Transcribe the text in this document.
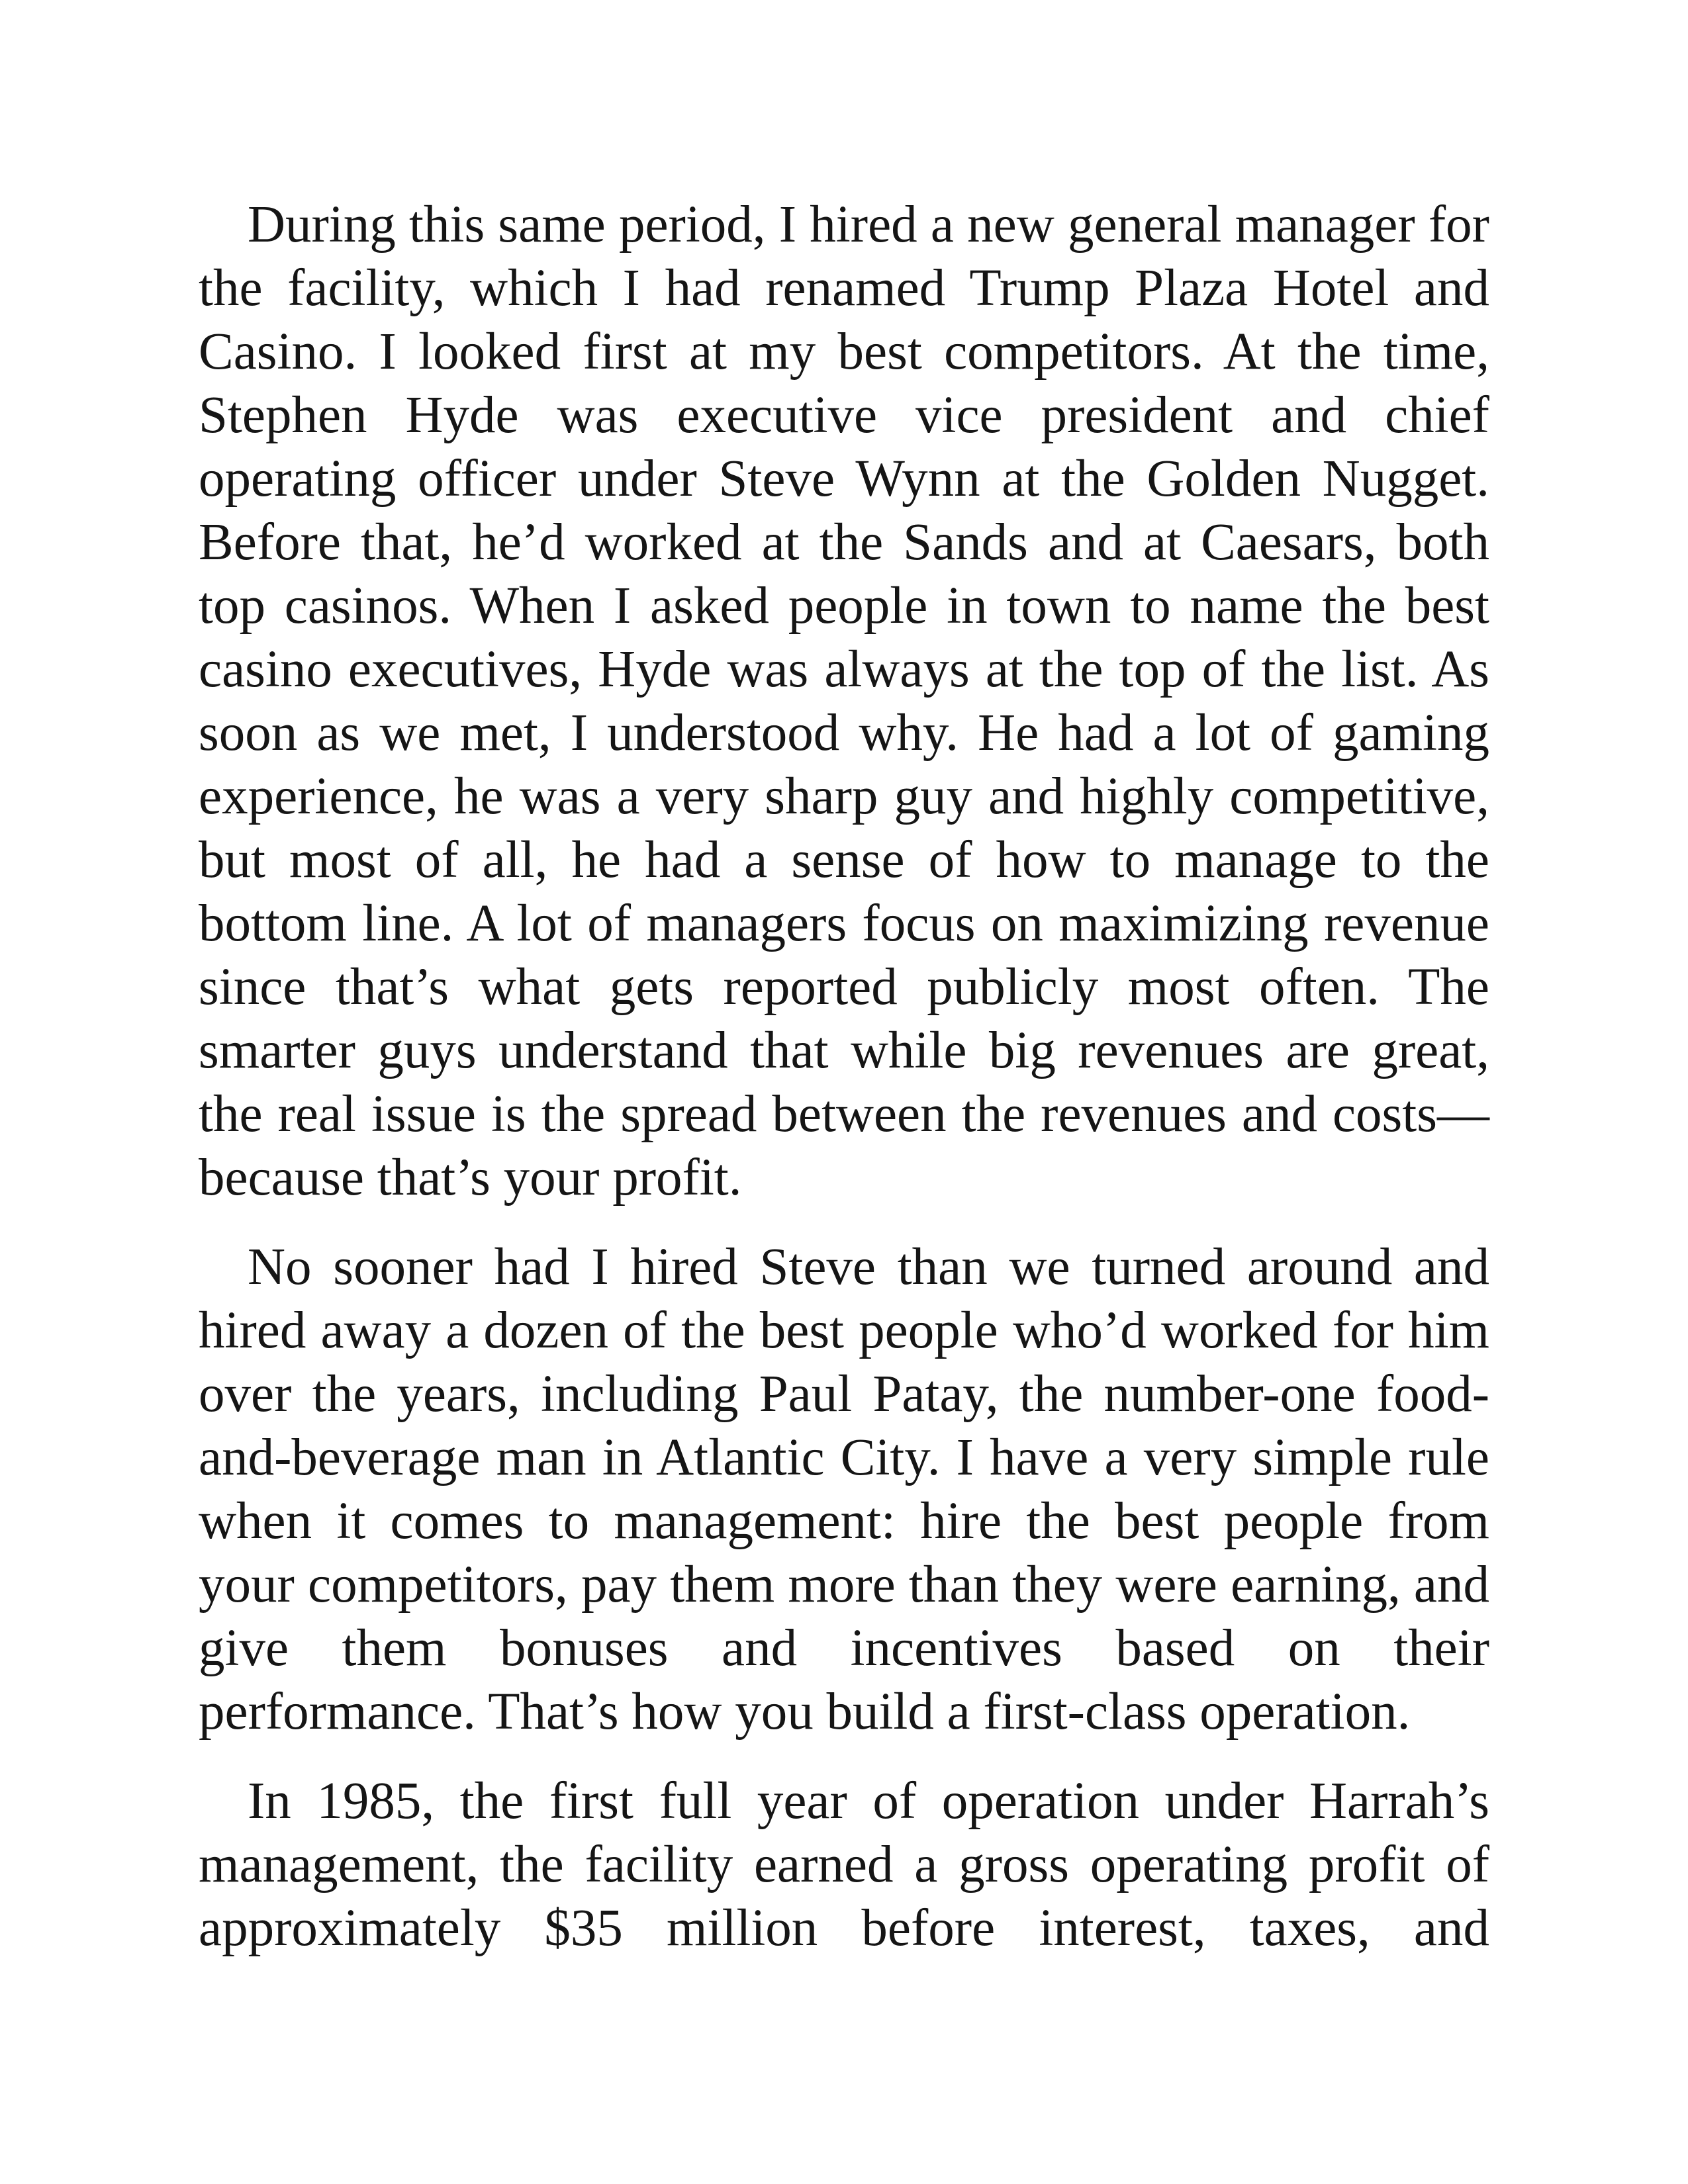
During this same period, I hired a new general manager for the facility, which I had renamed Trump Plaza Hotel and Casino. I looked first at my best competitors. At the time, Stephen Hyde was executive vice president and chief operating officer under Steve Wynn at the Golden Nugget. Before that, he’d worked at the Sands and at Caesars, both top casinos. When I asked people in town to name the best casino executives, Hyde was always at the top of the list. As soon as we met, I understood why. He had a lot of gaming experience, he was a very sharp guy and highly competitive, but most of all, he had a sense of how to manage to the bottom line. A lot of managers focus on maximizing revenue since that’s what gets reported publicly most often. The smarter guys understand that while big revenues are great, the real issue is the spread between the revenues and costs—because that’s your profit.

No sooner had I hired Steve than we turned around and hired away a dozen of the best people who’d worked for him over the years, including Paul Patay, the number-one food-and-beverage man in Atlantic City. I have a very simple rule when it comes to management: hire the best people from your competitors, pay them more than they were earning, and give them bonuses and incentives based on their performance. That’s how you build a first-class operation.

In 1985, the first full year of operation under Harrah’s management, the facility earned a gross operating profit of approximately $35 million before interest, taxes, and
